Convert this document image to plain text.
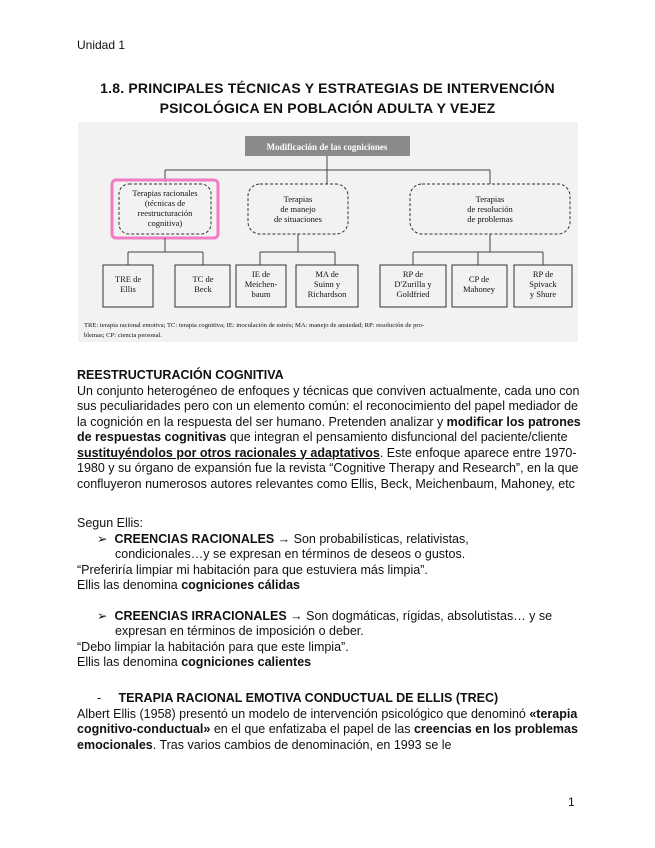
Unidad 1
1.8. PRINCIPALES TÉCNICAS Y ESTRATEGIAS DE INTERVENCIÓN
PSICOLÓGICA EN POBLACIÓN ADULTA Y VEJEZ
Modificación de las cogniciones
Terapias racionales
(técnicas de
reestructuración
cognitiva)
Terapias
de manejo
de situaciones
Terapias
de resolución
de problemas
TRE de
Ellis
TC de
Beck
IE de
Meichen-
baum
MA de
Suinn y
Richardson
RP de
D'Zurilla y
Goldfried
CP de
Mahoney
RP de
Spivack
y Shure
TRE: terapia racional emotiva; TC: terapia cognitiva; IE: inoculación de estrés; MA: manejo de ansiedad; RP: resolución de pro-
blemas; CP: ciencia personal.
REESTRUCTURACIÓN COGNITIVA
Un conjunto heterogéneo de enfoques y técnicas que conviven actualmente, cada uno con sus peculiaridades pero con un elemento común: el reconocimiento del papel mediador de la cognición en la respuesta del ser humano. Pretenden analizar y modificar los patrones de respuestas cognitivas que integran el pensamiento disfuncional del paciente/cliente sustituyéndolos por otros racionales y adaptativos. Este enfoque aparece entre 1970-1980 y su órgano de expansión fue la revista “Cognitive Therapy and Research”, en la que confluyeron numerosos autores relevantes como Ellis, Beck, Meichenbaum, Mahoney, etc
Segun Ellis:
➢ CREENCIAS RACIONALES → Son probabilísticas, relativistas,
condicionales…y se expresan en términos de deseos o gustos.
“Preferiría limpiar mi habitación para que estuviera más limpia”.
Ellis las denomina cogniciones cálidas
➢ CREENCIAS IRRACIONALES → Son dogmáticas, rígidas, absolutistas… y se
expresan en términos de imposición o deber.
“Debo limpiar la habitación para que este limpia”.
Ellis las denomina cogniciones calientes
- TERAPIA RACIONAL EMOTIVA CONDUCTUAL DE ELLIS (TREC)
Albert Ellis (1958) presentó un modelo de intervención psicológico que denominó «terapia cognitivo-conductual» en el que enfatizaba el papel de las creencias en los problemas emocionales. Tras varios cambios de denominación, en 1993 se le
1
